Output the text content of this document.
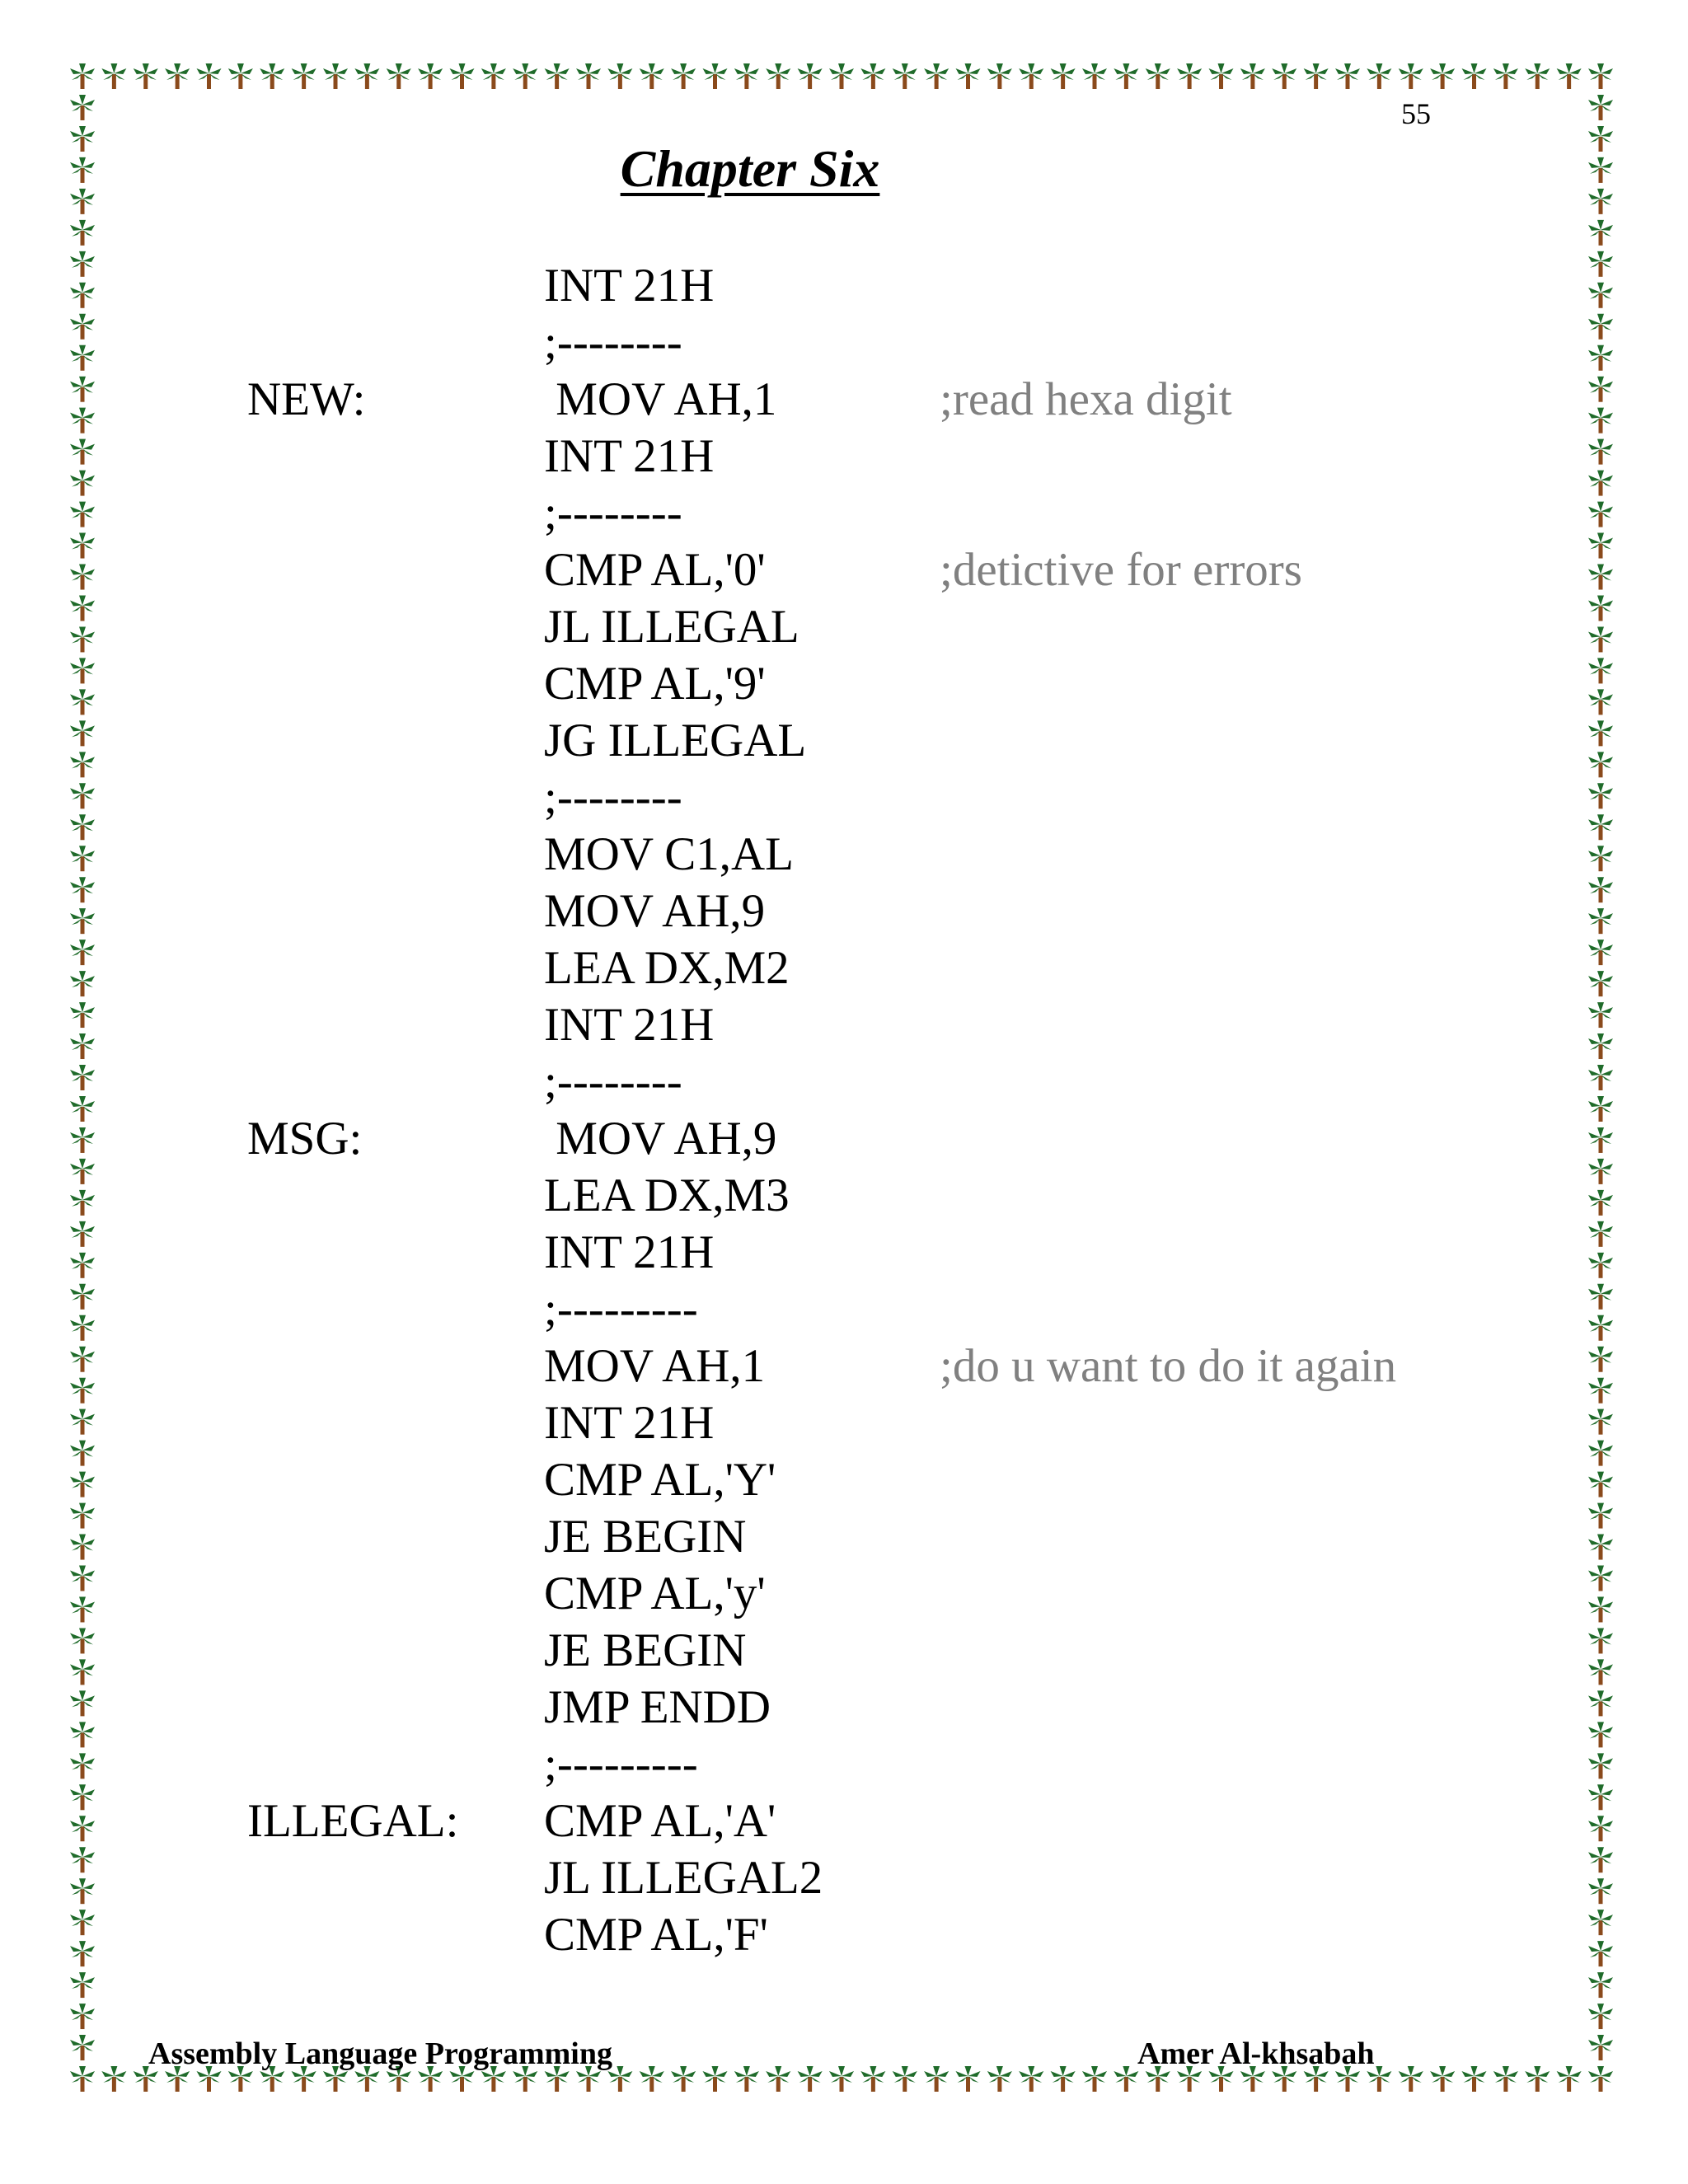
55
Chapter Six
INT 21H
;--------
NEW:	MOV AH,1	;read hexa digit
INT 21H
;--------
CMP AL,'0'	;detictive for errors
JL ILLEGAL
CMP AL,'9'
JG ILLEGAL
;--------
MOV C1,AL
MOV AH,9
LEA DX,M2
INT 21H
;--------
MSG:	MOV AH,9
LEA DX,M3
INT 21H
;---------
MOV AH,1	;do u want to do it again
INT 21H
CMP AL,'Y'
JE BEGIN
CMP AL,'y'
JE BEGIN
JMP ENDD
;---------
ILLEGAL: CMP AL,'A'
JL ILLEGAL2
CMP AL,'F'
Assembly Language Programming	Amer Al-khsabah
